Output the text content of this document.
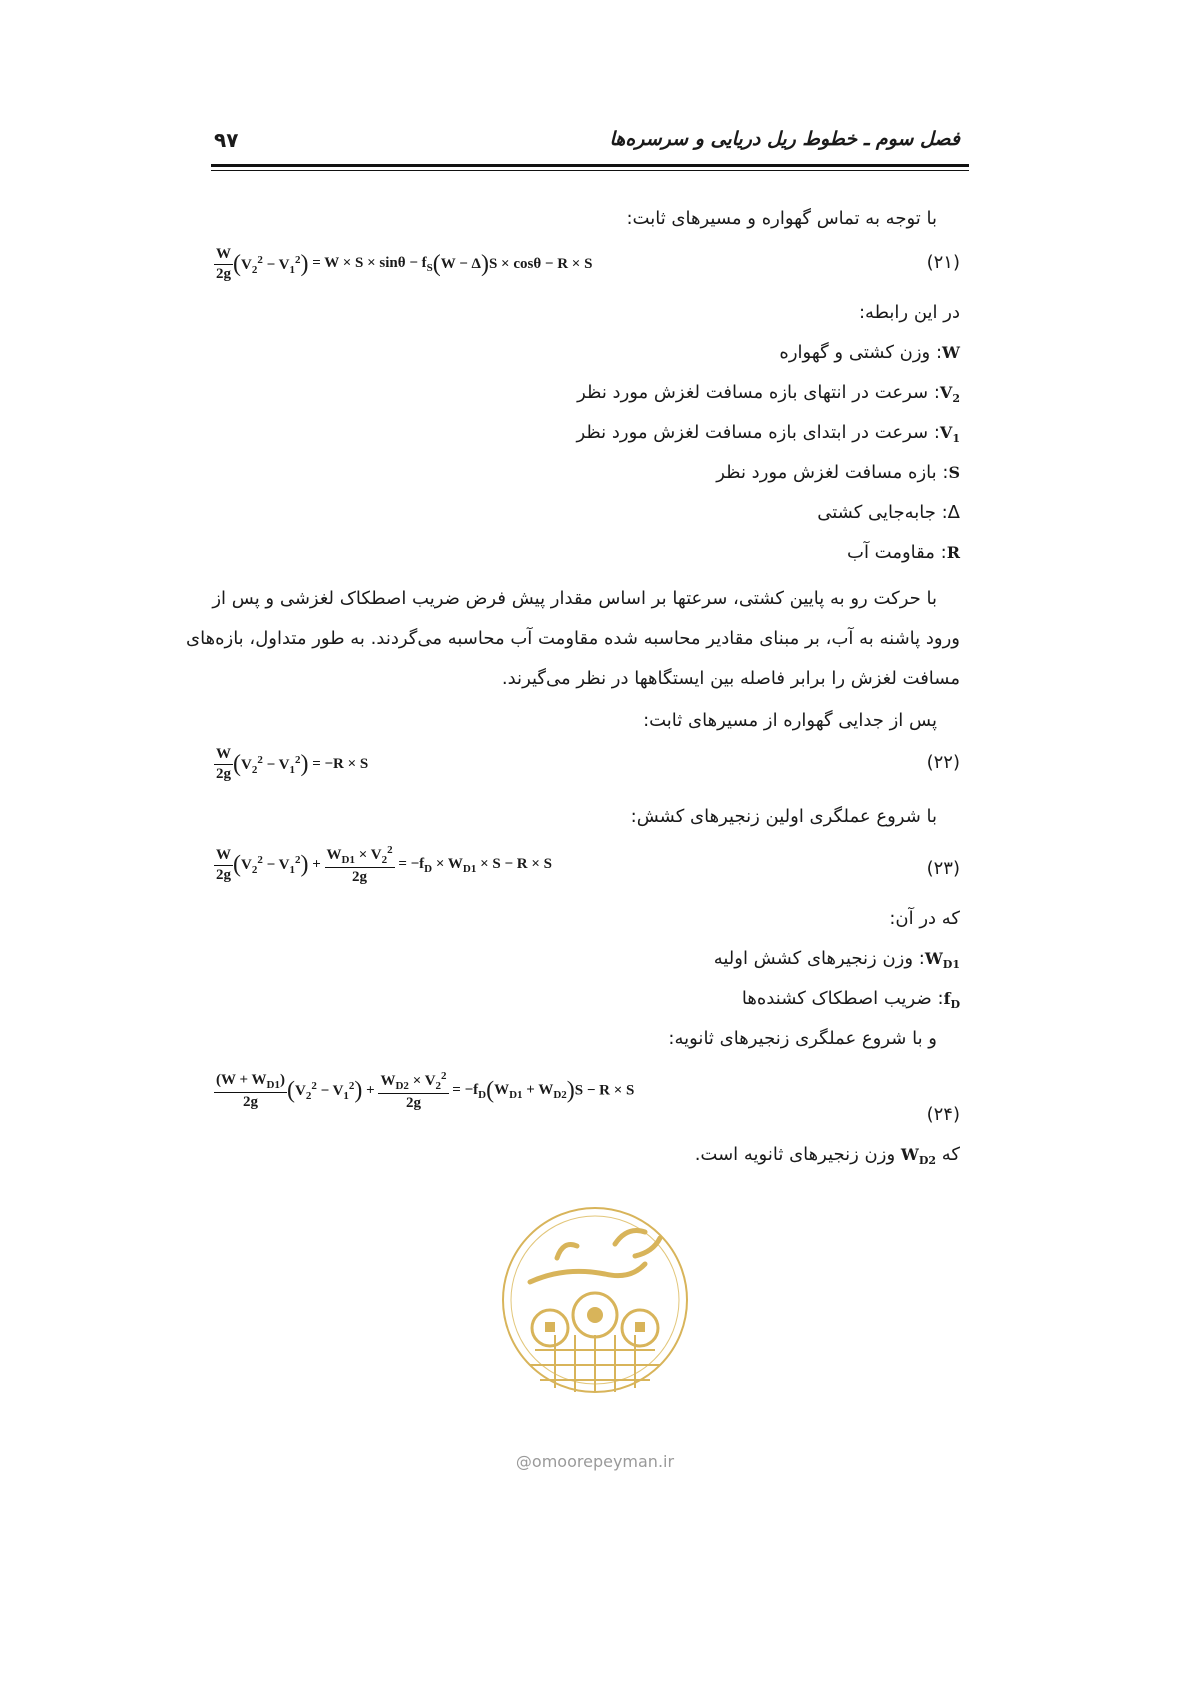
فصل سوم ـ خطوط ریل دریایی و سرسره‌ها
۹۷
با توجه به تماس گهواره و مسیرهای ثابت:
$\frac{W}{2g} (V_2^2 - V_1^2) = W \times S \times \sin\theta - f_S(W - \Delta)S \times \cos\theta - R \times S$	(۲۱)
در این رابطه:
W: وزن کشتی و گهواره
$V_2$: سرعت در انتهای بازه مسافت لغزش مورد نظر
$V_1$: سرعت در ابتدای بازه مسافت لغزش مورد نظر
S: بازه مسافت لغزش مورد نظر
Δ: جابه‌جایی کشتی
R: مقاومت آب
با حرکت رو به پایین کشتی، سرعتها بر اساس مقدار پیش فرض ضریب اصطکاک لغزشی و پس از
ورود پاشنه به آب، بر مبنای مقادیر محاسبه شده مقاومت آب محاسبه می‌گردند. به طور متداول، بازه‌های
مسافت لغزش را برابر فاصله بین ایستگاهها در نظر می‌گیرند.
پس از جدایی گهواره از مسیرهای ثابت:
$\frac{W}{2g} (V_2^2 - V_1^2) = -R \times S$	(۲۲)
با شروع عملگری اولین زنجیرهای کشش:
$\frac{W}{2g} (V_2^2 - V_1^2) + \frac{W_{D1} \times V_2^2}{2g} = -f_D \times W_{D1} \times S - R \times S$	(۲۳)
که در آن:
$W_{D1}$: وزن زنجیرهای کشش اولیه
$f_D$: ضریب اصطکاک کشنده‌ها
و با شروع عملگری زنجیرهای ثانویه:
$\frac{(W + W_{D1})}{2g} (V_2^2 - V_1^2) + \frac{W_{D2} \times V_2^2}{2g} = -f_D(W_{D1} + W_{D2})S - R \times S$
(۲۴)
که $W_{D2}$ وزن زنجیرهای ثانویه است.
@omoorepeyman.ir
